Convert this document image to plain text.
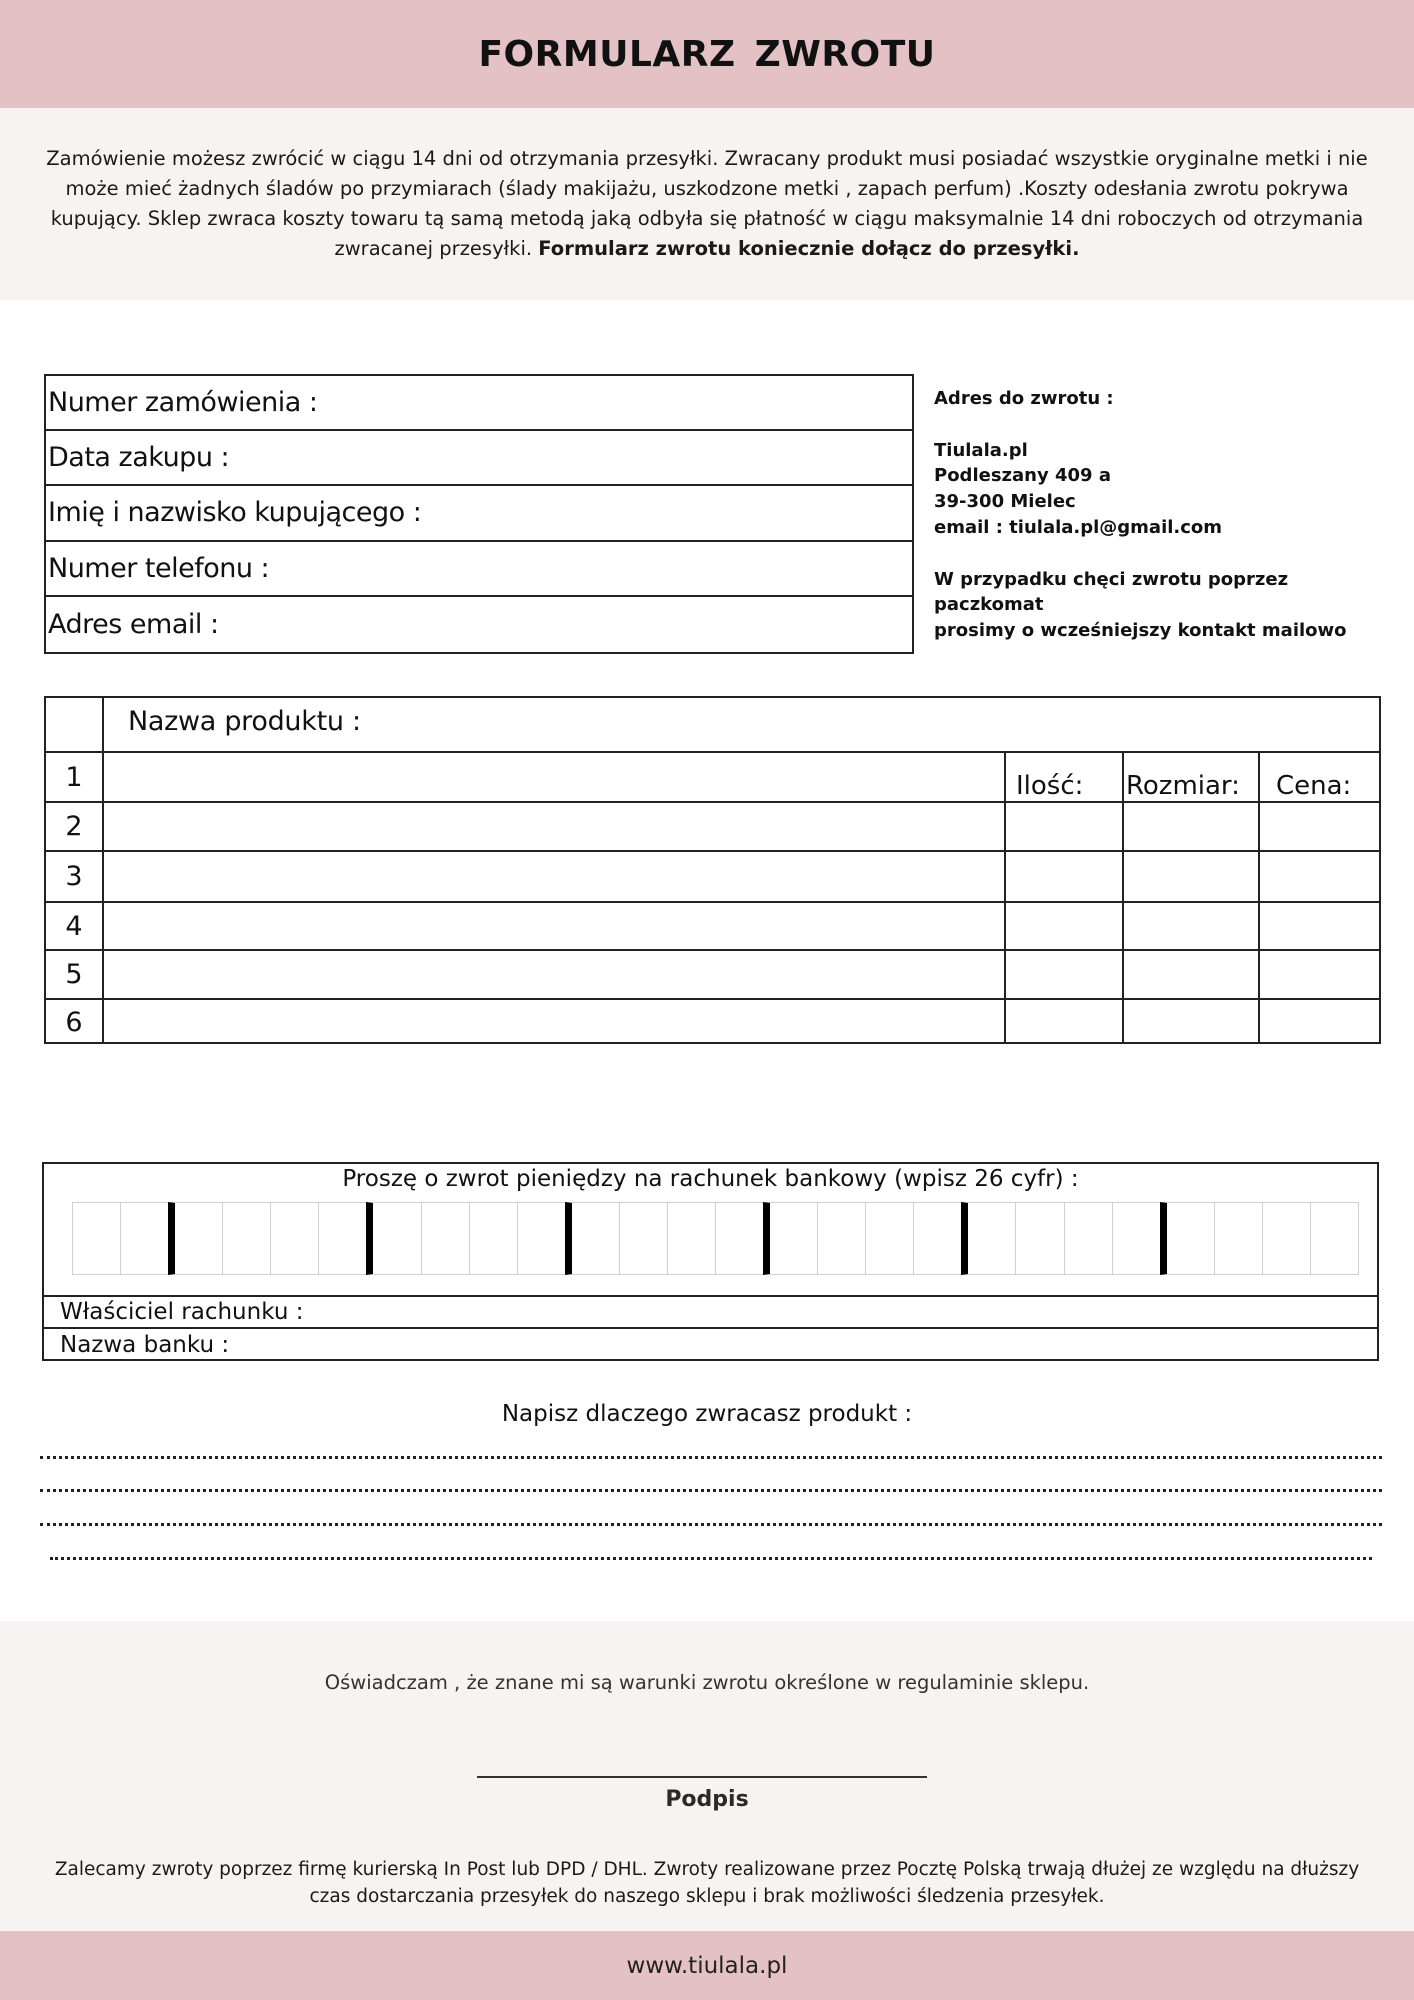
FORMULARZ ZWROTU

Zamówienie możesz zwrócić w ciągu 14 dni od otrzymania przesyłki. Zwracany produkt musi posiadać wszystkie oryginalne metki i nie może mieć żadnych śladów po przymiarach (ślady makijażu, uszkodzone metki , zapach perfum) .Koszty odesłania zwrotu pokrywa kupujący. Sklep zwraca koszty towaru tą samą metodą jaką odbyła się płatność w ciągu maksymalnie 14 dni roboczych od otrzymania zwracanej przesyłki. Formularz zwrotu koniecznie dołącz do przesyłki.

Numer zamówienia :
Data zakupu :
Imię i nazwisko kupującego :
Numer telefonu :
Adres email :
Adres do zwrotu :
Tiulala.pl
Podleszany 409 a
39-300 Mielec
email : tiulala.pl@gmail.com
W przypadku chęci zwrotu poprzez paczkomat
prosimy o wcześniejszy kontakt mailowo
Nazwa produktu :
1	Ilość: Rozmiar: Cena:
2
3
4
5
6
Proszę o zwrot pieniędzy na rachunek bankowy (wpisz 26 cyfr) :
Właściciel rachunku :
Nazwa banku :
Napisz dlaczego zwracasz produkt :
Oświadczam , że znane mi są warunki zwrotu określone w regulaminie sklepu.
Podpis
Zalecamy zwroty poprzez firmę kurierską In Post lub DPD / DHL. Zwroty realizowane przez Pocztę Polską trwają dłużej ze względu na dłuższy
czas dostarczania przesyłek do naszego sklepu i brak możliwości śledzenia przesyłek.
www.tiulala.pl
